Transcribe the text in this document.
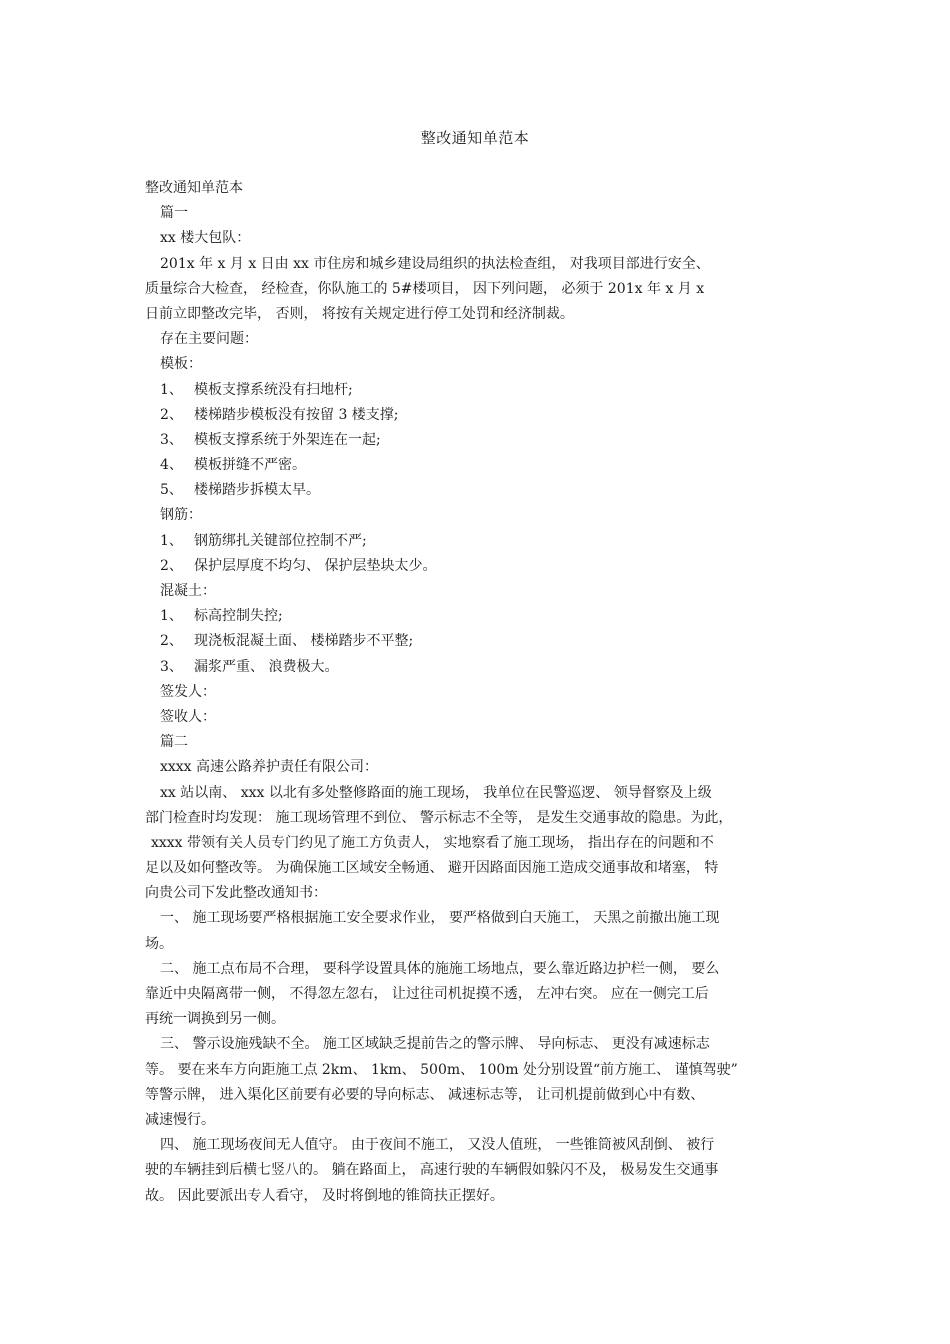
整改通知单范本
整改通知单范本
篇一
xx 楼大包队：
201x 年 x 月 x 日由 xx 市住房和城乡建设局组织的执法检查组， 对我项目部进行安全、
质量综合大检查， 经检查，你队施工的 5#楼项目， 因下列问题， 必须于 201x 年 x 月 x
日前立即整改完毕， 否则， 将按有关规定进行停工处罚和经济制裁。
存在主要问题：
模板：
1、 模板支撑系统没有扫地杆;
2、 楼梯踏步模板没有按留 3 楼支撑;
3、 模板支撑系统于外架连在一起;
4、 模板拼缝不严密。
5、 楼梯踏步拆模太早。
钢筋：
1、 钢筋绑扎关键部位控制不严;
2、 保护层厚度不均匀、 保护层垫块太少。
混凝土：
1、 标高控制失控;
2、 现浇板混凝土面、 楼梯踏步不平整;
3、 漏浆严重、 浪费极大。
签发人：
签收人：
篇二
xxxx 高速公路养护责任有限公司：
xx 站以南、 xxx 以北有多处整修路面的施工现场， 我单位在民警巡逻、 领导督察及上级
部门检查时均发现： 施工现场管理不到位、 警示标志不全等， 是发生交通事故的隐患。为此，
xxxx 带领有关人员专门约见了施工方负责人， 实地察看了施工现场， 指出存在的问题和不
足以及如何整改等。 为确保施工区域安全畅通、 避开因路面因施工造成交通事故和堵塞， 特
向贵公司下发此整改通知书：
一、 施工现场要严格根据施工安全要求作业， 要严格做到白天施工， 天黑之前撤出施工现
场。
二、 施工点布局不合理， 要科学设置具体的施施工场地点，要么靠近路边护栏一侧， 要么
靠近中央隔离带一侧， 不得忽左忽右， 让过往司机捉摸不透， 左冲右突。 应在一侧完工后
再统一调换到另一侧。
三、 警示设施残缺不全。 施工区域缺乏提前告之的警示牌、 导向标志、 更没有减速标志
等。 要在来车方向距施工点 2km、 1km、 500m、 100m 处分别设置“前方施工、 谨慎驾驶”
等警示牌， 进入渠化区前要有必要的导向标志、 减速标志等， 让司机提前做到心中有数、
减速慢行。
四、 施工现场夜间无人值守。 由于夜间不施工， 又没人值班， 一些锥筒被风刮倒、 被行
驶的车辆挂到后横七竖八的。 躺在路面上， 高速行驶的车辆假如躲闪不及， 极易发生交通事
故。 因此要派出专人看守， 及时将倒地的锥筒扶正摆好。
